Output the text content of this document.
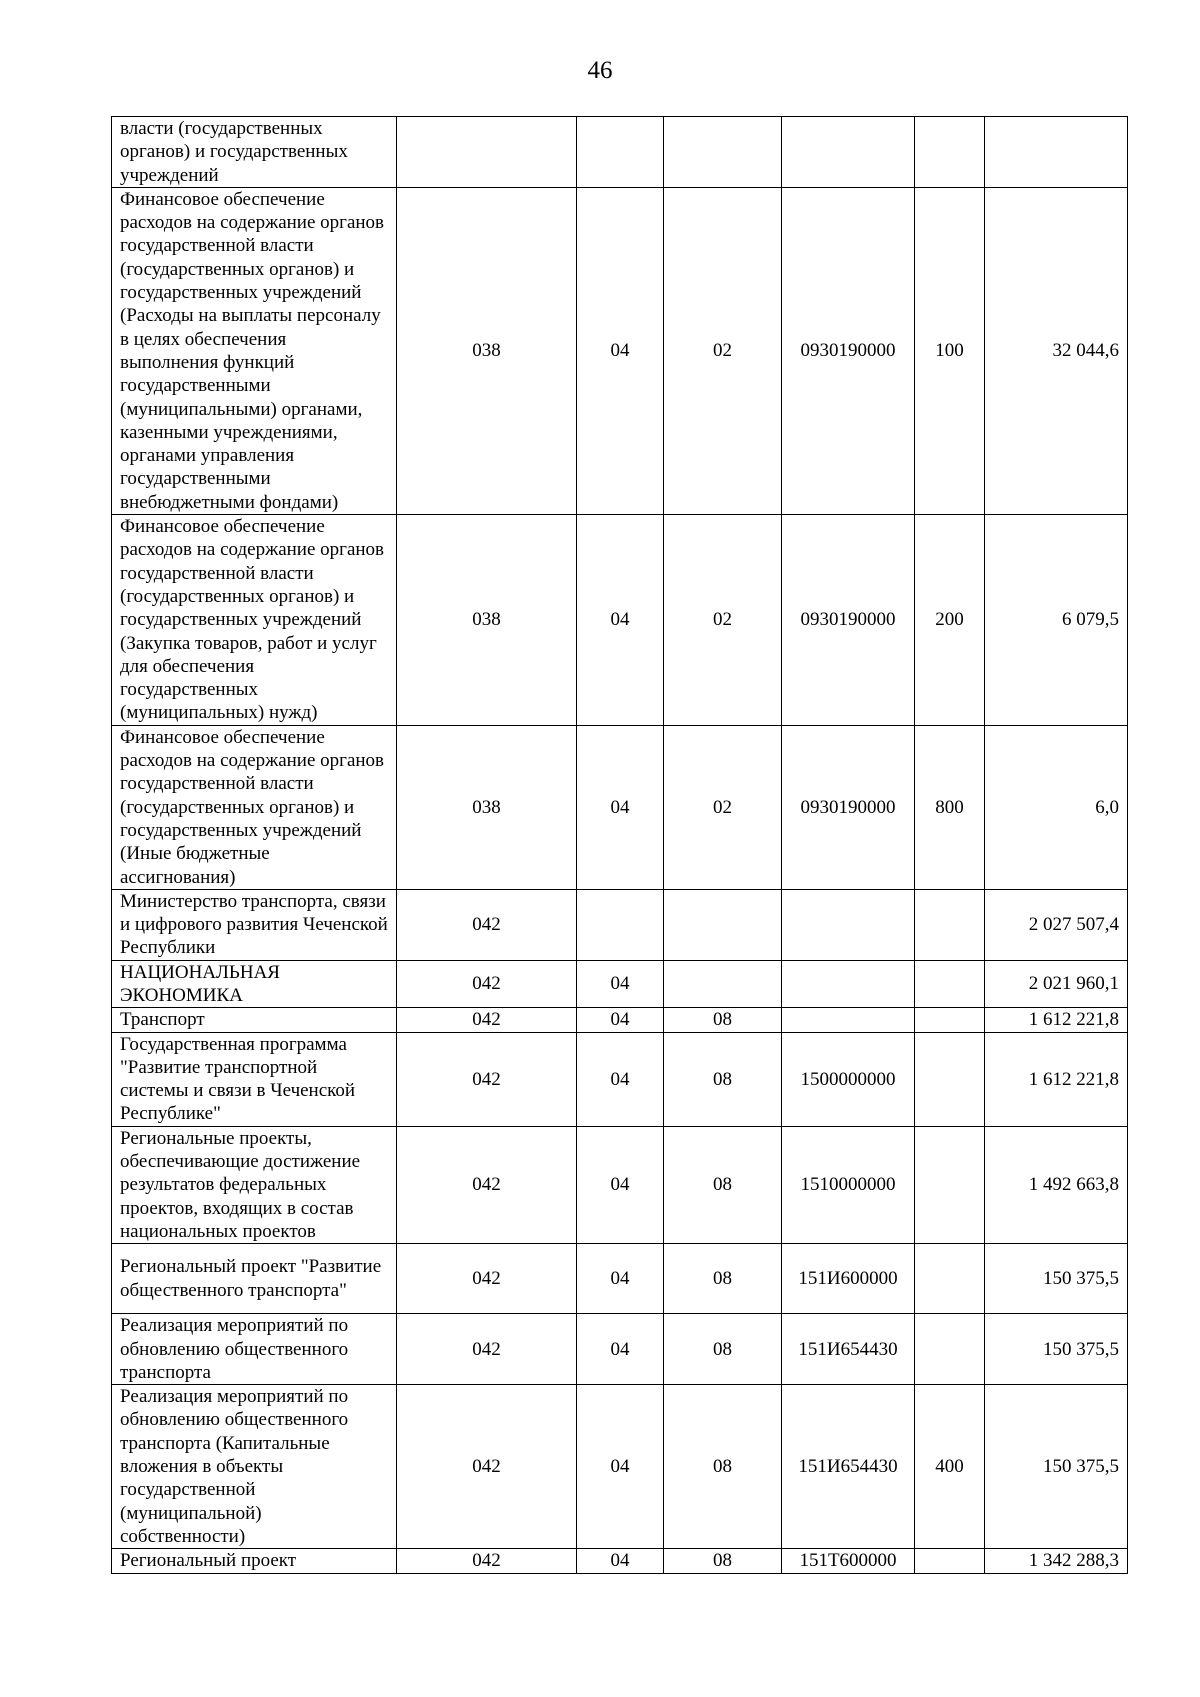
46
власти (государственных органов) и государственных учреждений						
Финансовое обеспечение расходов на содержание органов государственной власти (государственных органов) и государственных учреждений (Расходы на выплаты персоналу в целях обеспечения выполнения функций государственными (муниципальными) органами, казенными учреждениями, органами управления государственными внебюджетными фондами)	038	04	02	0930190000	100	32 044,6
Финансовое обеспечение расходов на содержание органов государственной власти (государственных органов) и государственных учреждений (Закупка товаров, работ и услуг для обеспечения государственных (муниципальных) нужд)	038	04	02	0930190000	200	6 079,5
Финансовое обеспечение расходов на содержание органов государственной власти (государственных органов) и государственных учреждений (Иные бюджетные ассигнования)	038	04	02	0930190000	800	6,0
Министерство транспорта, связи и цифрового развития Чеченской Республики	042					2 027 507,4
НАЦИОНАЛЬНАЯ ЭКОНОМИКА	042	04				2 021 960,1
Транспорт	042	04	08			1 612 221,8
Государственная программа "Развитие транспортной системы и связи в Чеченской Республике"	042	04	08	1500000000		1 612 221,8
Региональные проекты, обеспечивающие достижение результатов федеральных проектов, входящих в состав национальных проектов	042	04	08	1510000000		1 492 663,8
Региональный проект "Развитие общественного транспорта"	042	04	08	151И600000		150 375,5
Реализация мероприятий по обновлению общественного транспорта	042	04	08	151И654430		150 375,5
Реализация мероприятий по обновлению общественного транспорта (Капитальные вложения в объекты государственной (муниципальной) собственности)	042	04	08	151И654430	400	150 375,5
Региональный проект	042	04	08	151Т600000		1 342 288,3
